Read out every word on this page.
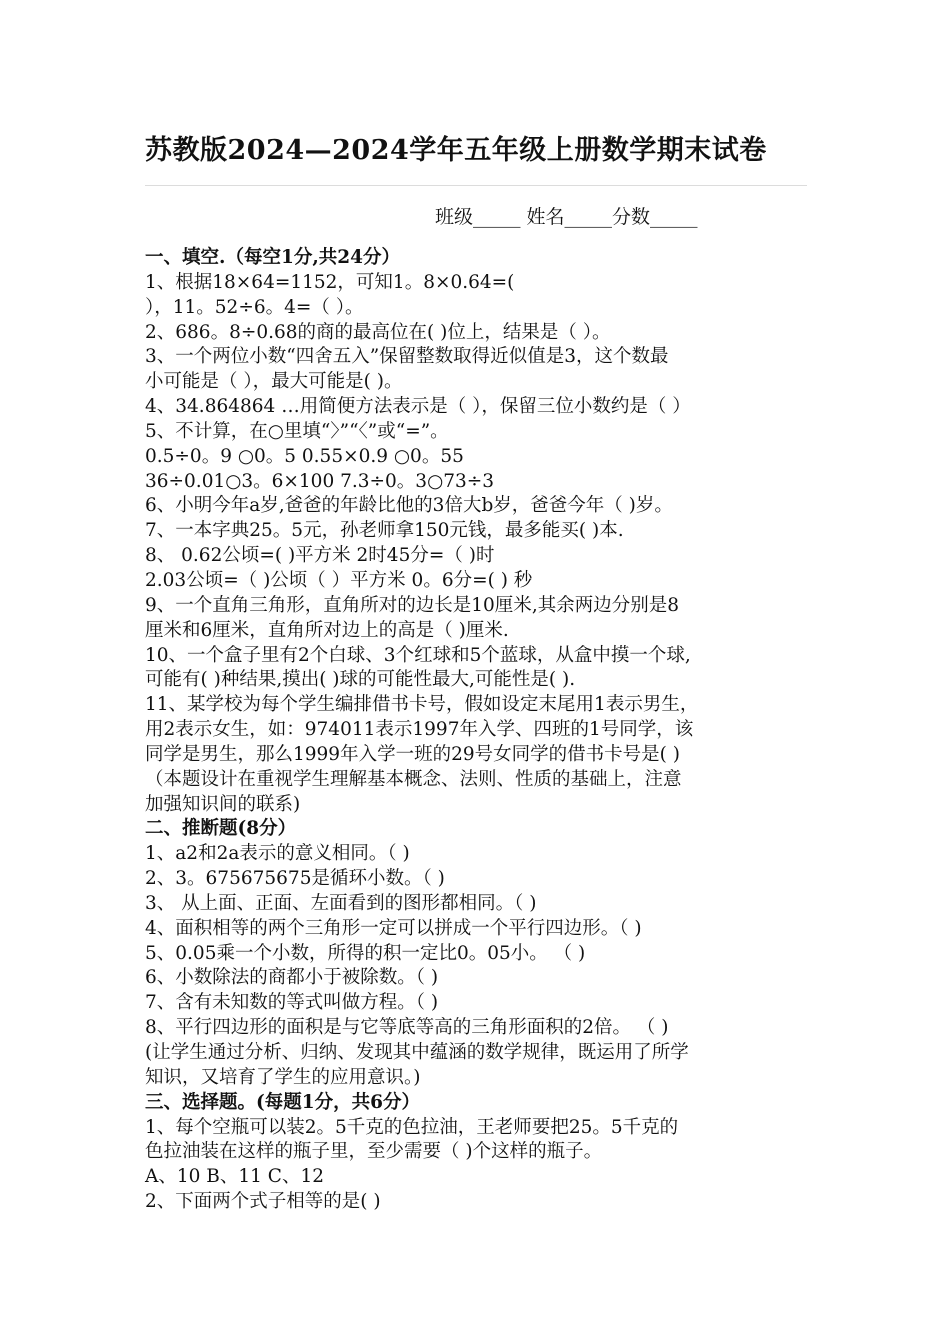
苏教版2024—2024学年五年级上册数学期末试卷
班级_____ 姓名_____分数_____
一、填空.（每空1分,共24分）
1、根据18×64=1152，可知1。8×0.64=(
），11。52÷6。4=（ ）。
2、686。8÷0.68的商的最高位在( )位上，结果是（ ）。
3、一个两位小数“四舍五入”保留整数取得近似值是3，这个数最
小可能是（ ），最大可能是( )。
4、34.864864 …用简便方法表示是（ ），保留三位小数约是（ ）
5、不计算，在○里填“〉”“〈”或“=”。
0.5÷0。9 ○0。5 0.55×0.9 ○0。55
36÷0.01○3。6×100 7.3÷0。3○73÷3
6、小明今年a岁,爸爸的年龄比他的3倍大b岁，爸爸今年（ )岁。
7、一本字典25。5元，孙老师拿150元钱，最多能买( )本.
8、 0.62公顷=( )平方米 2时45分=（ )时
2.03公顷=（ )公顷（ ）平方米 0。6分=( ) 秒
9、一个直角三角形，直角所对的边长是10厘米,其余两边分别是8
厘米和6厘米，直角所对边上的高是（ )厘米.
10、一个盒子里有2个白球、3个红球和5个蓝球，从盒中摸一个球,
可能有( )种结果,摸出( )球的可能性最大,可能性是( ).
11、某学校为每个学生编排借书卡号，假如设定末尾用1表示男生，
用2表示女生，如：974011表示1997年入学、四班的1号同学，该
同学是男生，那么1999年入学一班的29号女同学的借书卡号是( )
（本题设计在重视学生理解基本概念、法则、性质的基础上，注意
加强知识间的联系)
二、推断题(8分）
1、a2和2a表示的意义相同。（ )
2、3。675675675是循环小数。（ )
3、 从上面、正面、左面看到的图形都相同。（ )
4、面积相等的两个三角形一定可以拼成一个平行四边形。（ )
5、0.05乘一个小数，所得的积一定比0。05小。 （ )
6、小数除法的商都小于被除数。（ )
7、含有未知数的等式叫做方程。（ )
8、平行四边形的面积是与它等底等高的三角形面积的2倍。 （ )
(让学生通过分析、归纳、发现其中蕴涵的数学规律，既运用了所学
知识，又培育了学生的应用意识。)
三、选择题。(每题1分，共6分）
1、每个空瓶可以装2。5千克的色拉油，王老师要把25。5千克的
色拉油装在这样的瓶子里，至少需要（ )个这样的瓶子。
A、10 B、11 C、12
2、下面两个式子相等的是( )
